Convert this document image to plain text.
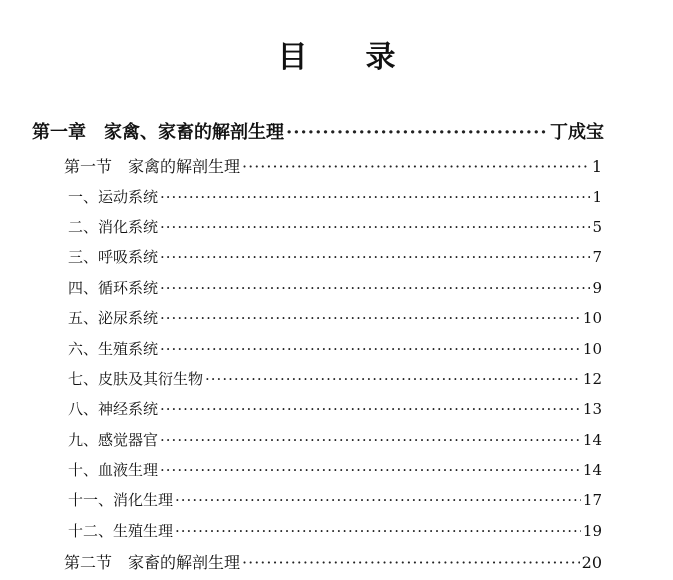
目 录
第一章　家禽、家畜的解剖生理 ·····	丁成宝
第一节　家禽的解剖生理 ·····	1
一、运动系统 ·····	1
二、消化系统 ·····	5
三、呼吸系统 ·····	7
四、循环系统 ·····	9
五、泌尿系统 ·····	10
六、生殖系统 ·····	10
七、皮肤及其衍生物 ·····	12
八、神经系统 ·····	13
九、感觉器官 ·····	14
十、血液生理 ·····	14
十一、消化生理 ·····	17
十二、生殖生理 ·····	19
第二节　家畜的解剖生理 ·····	20
